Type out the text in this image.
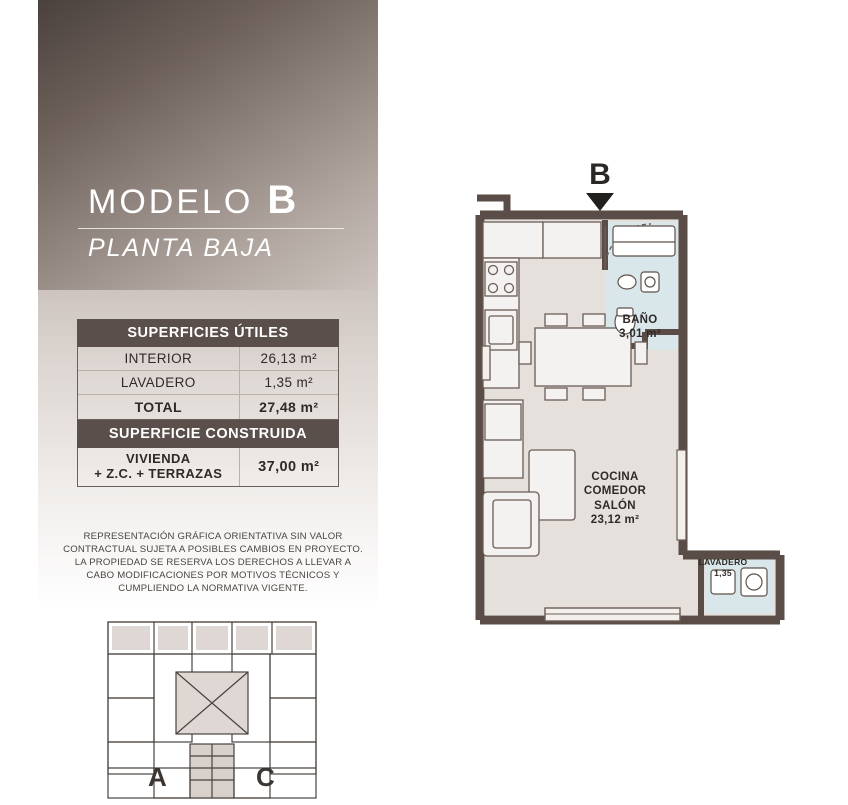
MODELO B
PLANTA BAJA
SUPERFICIES ÚTILES
INTERIOR	26,13 m²
LAVADERO	1,35 m²
TOTAL	27,48 m²
SUPERFICIE CONSTRUIDA
VIVIENDA
+ Z.C. + TERRAZAS	37,00 m²
REPRESENTACIÓN GRÁFICA ORIENTATIVA SIN VALOR CONTRACTUAL SUJETA A POSIBLES CAMBIOS EN PROYECTO. LA PROPIEDAD SE RESERVA LOS DERECHOS A LLEVAR A CABO MODIFICACIONES POR MOTIVOS TÉCNICOS Y CUMPLIENDO LA NORMATIVA VIGENTE.
A	C
B
BAÑO
3,01 m²
COCINA
COMEDOR
SALÓN
23,12 m²
LAVADERO
1,35
